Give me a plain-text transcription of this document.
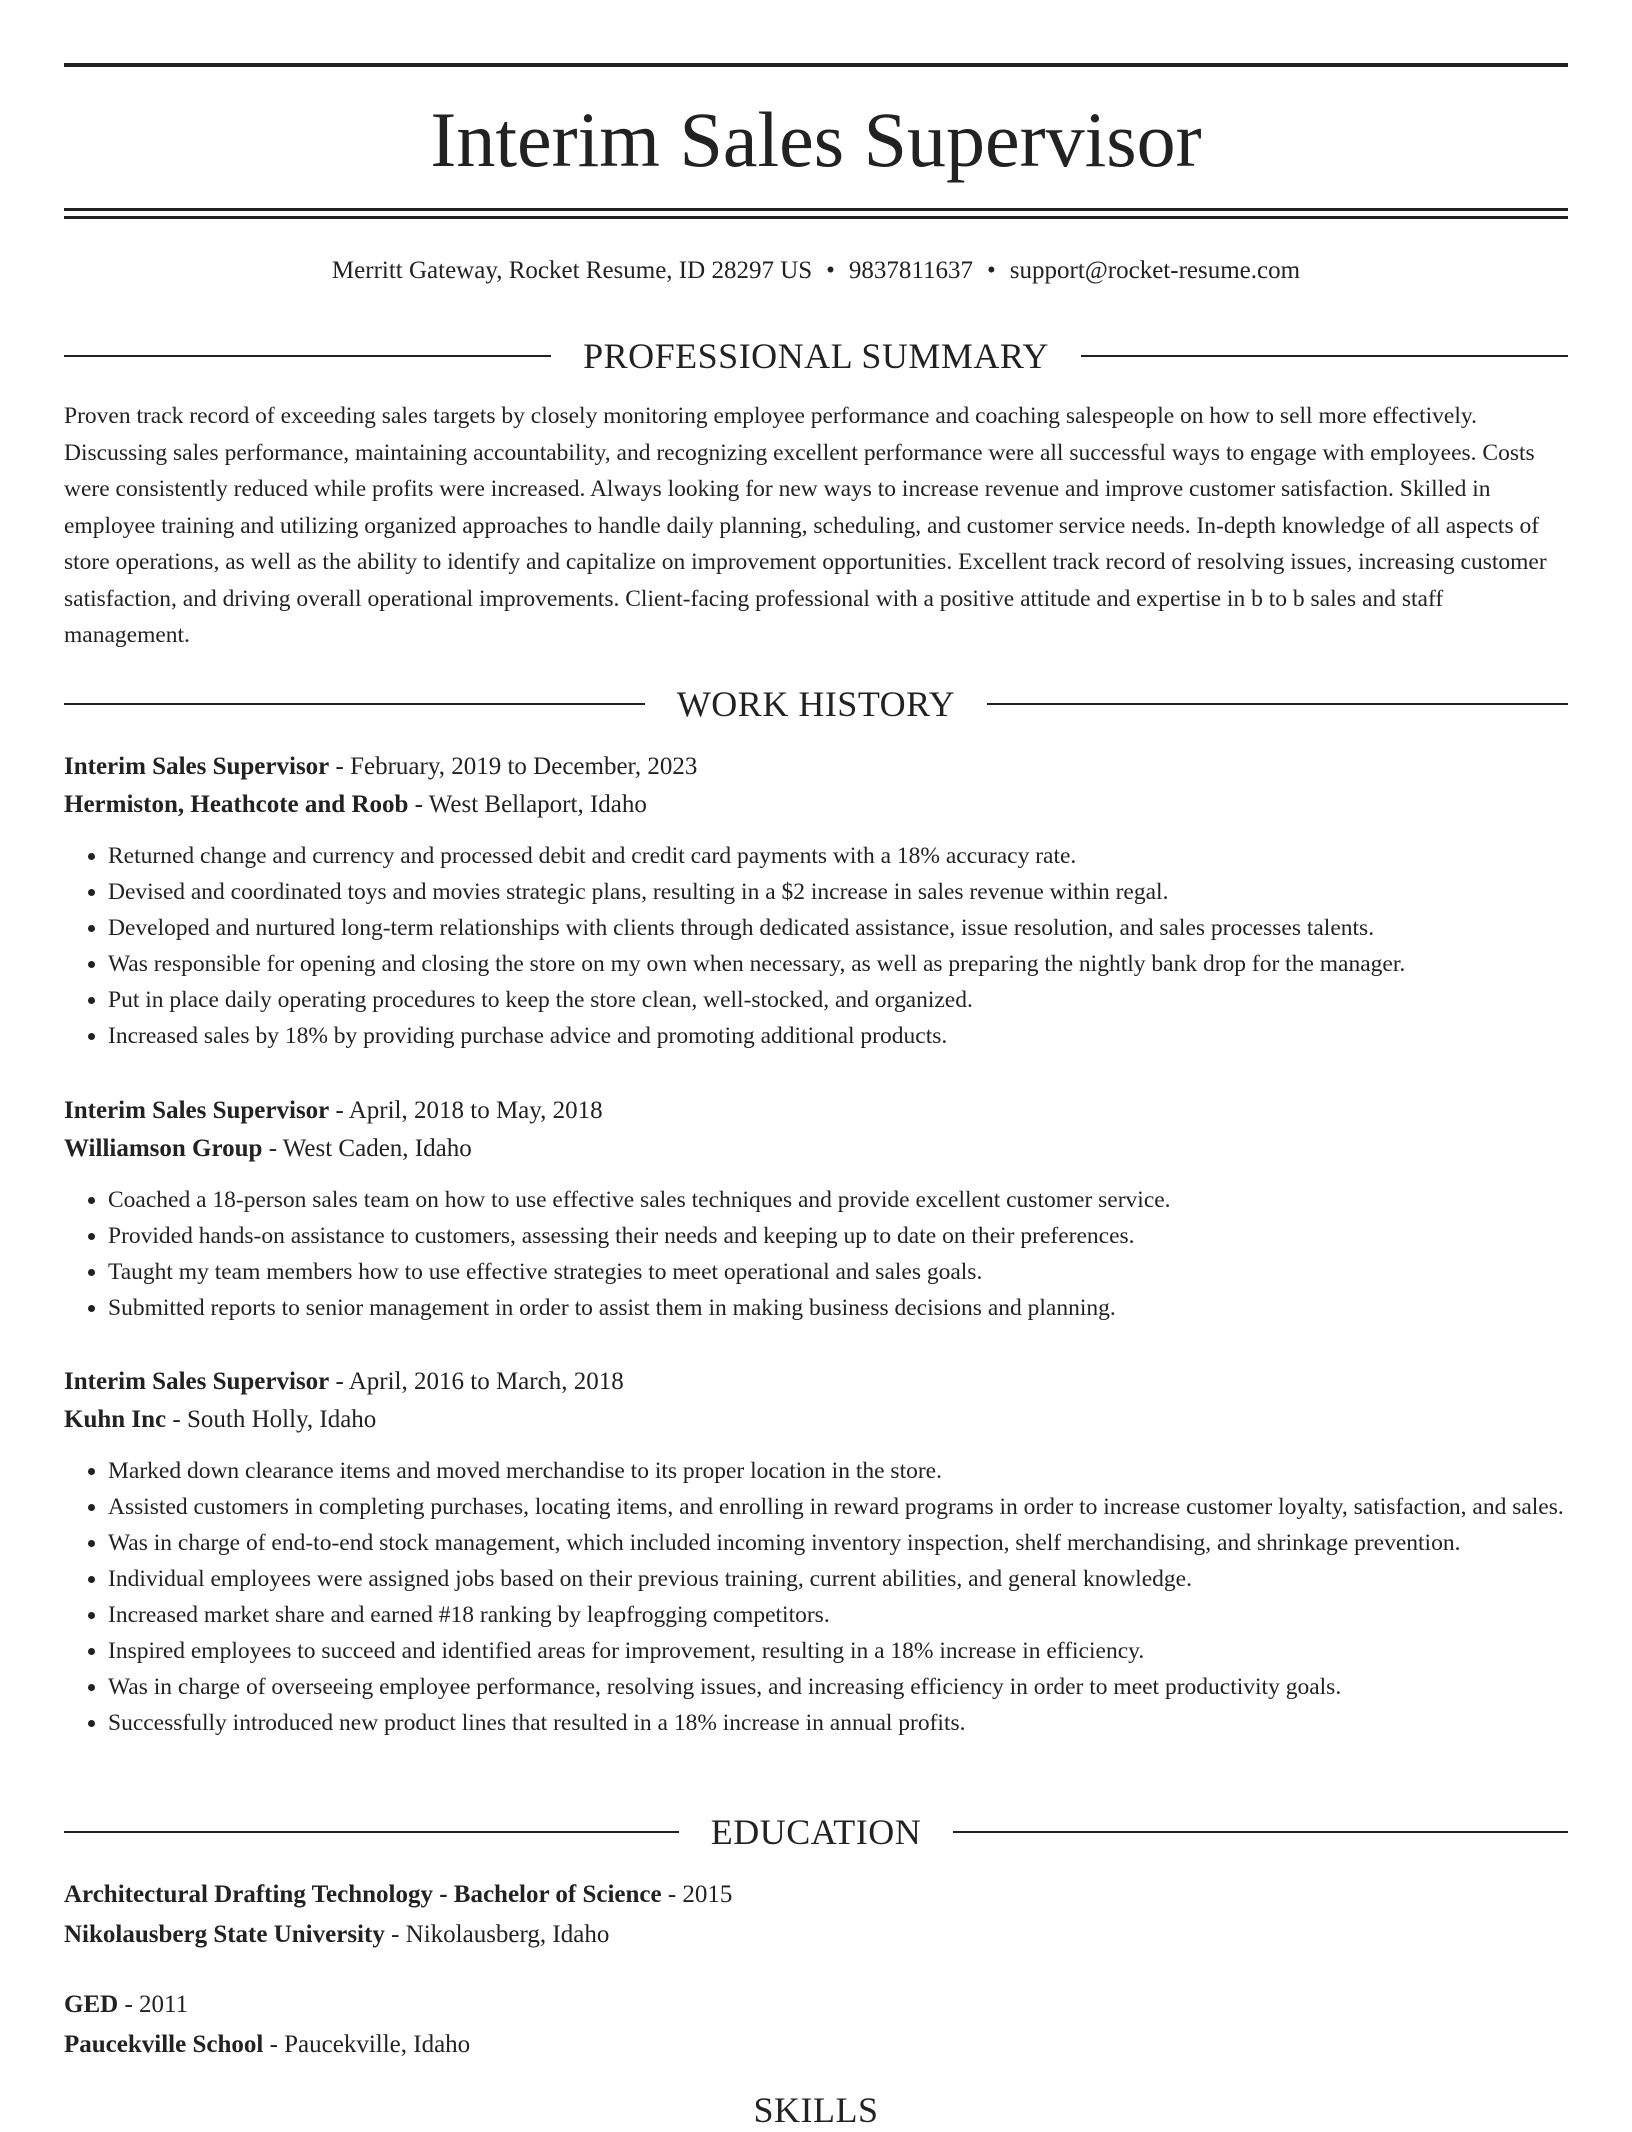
Interim Sales Supervisor
Merritt Gateway, Rocket Resume, ID 28297 US • 9837811637 • support@rocket-resume.com
PROFESSIONAL SUMMARY

Proven track record of exceeding sales targets by closely monitoring employee performance and coaching salespeople on how to sell more effectively. Discussing sales performance, maintaining accountability, and recognizing excellent performance were all successful ways to engage with employees. Costs were consistently reduced while profits were increased. Always looking for new ways to increase revenue and improve customer satisfaction. Skilled in employee training and utilizing organized approaches to handle daily planning, scheduling, and customer service needs. In-depth knowledge of all aspects of store operations, as well as the ability to identify and capitalize on improvement opportunities. Excellent track record of resolving issues, increasing customer satisfaction, and driving overall operational improvements. Client-facing professional with a positive attitude and expertise in b to b sales and staff management.

WORK HISTORY
Interim Sales Supervisor - February, 2019 to December, 2023
Hermiston, Heathcote and Roob - West Bellaport, Idaho
• Returned change and currency and processed debit and credit card payments with a 18% accuracy rate.
• Devised and coordinated toys and movies strategic plans, resulting in a $2 increase in sales revenue within regal.
• Developed and nurtured long-term relationships with clients through dedicated assistance, issue resolution, and sales processes talents.
• Was responsible for opening and closing the store on my own when necessary, as well as preparing the nightly bank drop for the manager.
• Put in place daily operating procedures to keep the store clean, well-stocked, and organized.
• Increased sales by 18% by providing purchase advice and promoting additional products.
Interim Sales Supervisor - April, 2018 to May, 2018
Williamson Group - West Caden, Idaho
• Coached a 18-person sales team on how to use effective sales techniques and provide excellent customer service.
• Provided hands-on assistance to customers, assessing their needs and keeping up to date on their preferences.
• Taught my team members how to use effective strategies to meet operational and sales goals.
• Submitted reports to senior management in order to assist them in making business decisions and planning.
Interim Sales Supervisor - April, 2016 to March, 2018
Kuhn Inc - South Holly, Idaho
• Marked down clearance items and moved merchandise to its proper location in the store.
• Assisted customers in completing purchases, locating items, and enrolling in reward programs in order to increase customer loyalty, satisfaction, and sales.
• Was in charge of end-to-end stock management, which included incoming inventory inspection, shelf merchandising, and shrinkage prevention.
• Individual employees were assigned jobs based on their previous training, current abilities, and general knowledge.
• Increased market share and earned #18 ranking by leapfrogging competitors.
• Inspired employees to succeed and identified areas for improvement, resulting in a 18% increase in efficiency.
• Was in charge of overseeing employee performance, resolving issues, and increasing efficiency in order to meet productivity goals.
• Successfully introduced new product lines that resulted in a 18% increase in annual profits.
EDUCATION
Architectural Drafting Technology - Bachelor of Science - 2015
Nikolausberg State University - Nikolausberg, Idaho
GED - 2011
Paucekville School - Paucekville, Idaho
SKILLS
